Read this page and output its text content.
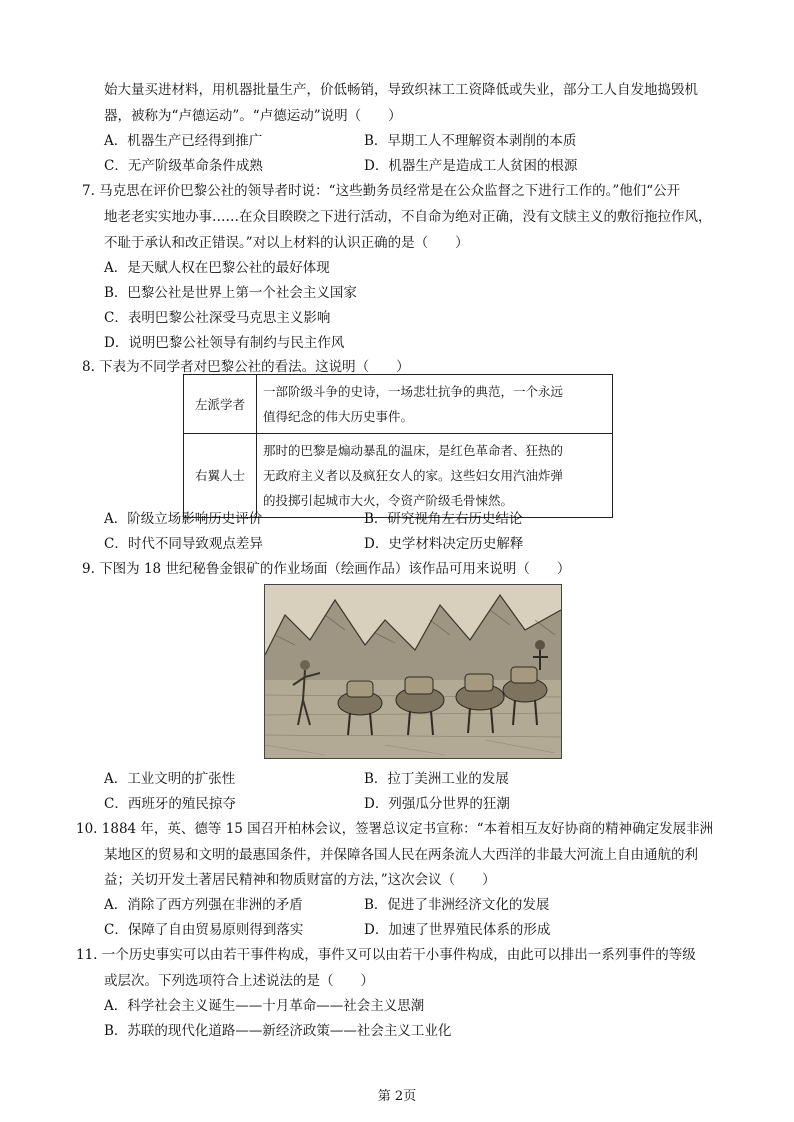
始大量买进材料，用机器批量生产，价低畅销，导致织袜工工资降低或失业，部分工人自发地捣毁机
器，被称为“卢德运动”。“卢德运动”说明（　　）
A．机器生产已经得到推广	B．早期工人不理解资本剥削的本质
C．无产阶级革命条件成熟	D．机器生产是造成工人贫困的根源
7. 马克思在评价巴黎公社的领导者时说：“这些勤务员经常是在公众监督之下进行工作的。”他们“公开
地老老实实地办事……在众目睽睽之下进行活动，不自命为绝对正确，没有文牍主义的敷衍拖拉作风，
不耻于承认和改正错误。”对以上材料的认识正确的是（　　）
A．是天赋人权在巴黎公社的最好体现
B．巴黎公社是世界上第一个社会主义国家
C．表明巴黎公社深受马克思主义影响
D．说明巴黎公社领导有制约与民主作风
8. 下表为不同学者对巴黎公社的看法。这说明（　　）
左派学者	一部阶级斗争的史诗，一场悲壮抗争的典范，一个永远
值得纪念的伟大历史事件。

右翼人士	那时的巴黎是煽动暴乱的温床，是红色革命者、狂热的
无政府主义者以及疯狂女人的家。这些妇女用汽油炸弹
的投掷引起城市大火，令资产阶级毛骨悚然。
A．阶级立场影响历史评价	B．研究视角左右历史结论
C．时代不同导致观点差异	D．史学材料决定历史解释
9. 下图为 18 世纪秘鲁金银矿的作业场面（绘画作品）该作品可用来说明（　　）
A．工业文明的扩张性	B．拉丁美洲工业的发展
C．西班牙的殖民掠夺	D．列强瓜分世界的狂潮
10. 1884 年，英、德等 15 国召开柏林会议，签署总议定书宣称：“本着相互友好协商的精神确定发展非洲
某地区的贸易和文明的最惠国条件，并保障各国人民在两条流人大西洋的非最大河流上自由通航的利
益；关切开发土著居民精神和物质财富的方法，”这次会议（　　）
A．消除了西方列强在非洲的矛盾	B．促进了非洲经济文化的发展
C．保障了自由贸易原则得到落实	D．加速了世界殖民体系的形成
11. 一个历史事实可以由若干事件构成，事件又可以由若干小事件构成，由此可以排出一系列事件的等级
或层次。下列选项符合上述说法的是（　　）
A．科学社会主义诞生——十月革命——社会主义思潮
B．苏联的现代化道路——新经济政策——社会主义工业化
第 2页
